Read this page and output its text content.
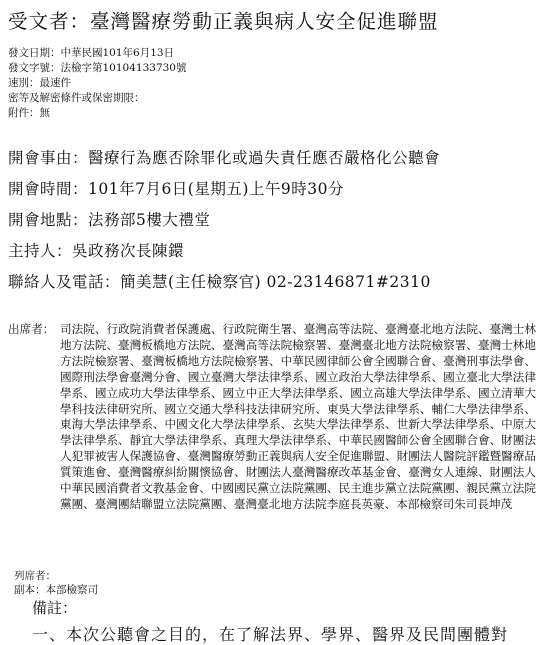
受文者：臺灣醫療勞動正義與病人安全促進聯盟
發文日期：中華民國101年6月13日
發文字號：法檢字第10104133730號
速別：最速件
密等及解密條件或保密期限：
附件：無
開會事由：醫療行為應否除罪化或過失責任應否嚴格化公聽會
開會時間：101年7月6日(星期五)上午9時30分
開會地點：法務部5樓大禮堂
主持人：吳政務次長陳鐶
聯絡人及電話：簡美慧(主任檢察官) 02-23146871#2310
出席者： 司法院、行政院消費者保護處、行政院衛生署、臺灣高等法院、臺灣臺北地方法院、臺灣士林地方法院、臺灣板橋地方法院、臺灣高等法院檢察署、臺灣臺北地方法院檢察署、臺灣士林地方法院檢察署、臺灣板橋地方法院檢察署、中華民國律師公會全國聯合會、臺灣刑事法學會、國際刑法學會臺灣分會、國立臺灣大學法律學系、國立政治大學法律學系、國立臺北大學法律學系、國立成功大學法律學系、國立中正大學法律學系、國立高雄大學法律學系、國立清華大學科技法律研究所、國立交通大學科技法律研究所、東吳大學法律學系、輔仁大學法律學系、東海大學法律學系、中國文化大學法律學系、玄奘大學法律學系、世新大學法律學系、中原大學法律學系、靜宜大學法律學系、真理大學法律學系、中華民國醫師公會全國聯合會、財團法人犯罪被害人保護協會、臺灣醫療勞動正義與病人安全促進聯盟、財團法人醫院評鑑暨醫療品質策進會、臺灣醫療糾紛關懷協會、財團法人臺灣醫療改革基金會、臺灣女人連線、財團法人中華民國消費者文教基金會、中國國民黨立法院黨團、民主進步黨立法院黨團、親民黨立法院黨團、臺灣團結聯盟立法院黨團、臺灣臺北地方法院李庭長英豪、本部檢察司朱司長坤茂
列席者：
副本：本部檢察司
備註：
一、本次公聽會之目的，在了解法界、學界、醫界及民間團體對
